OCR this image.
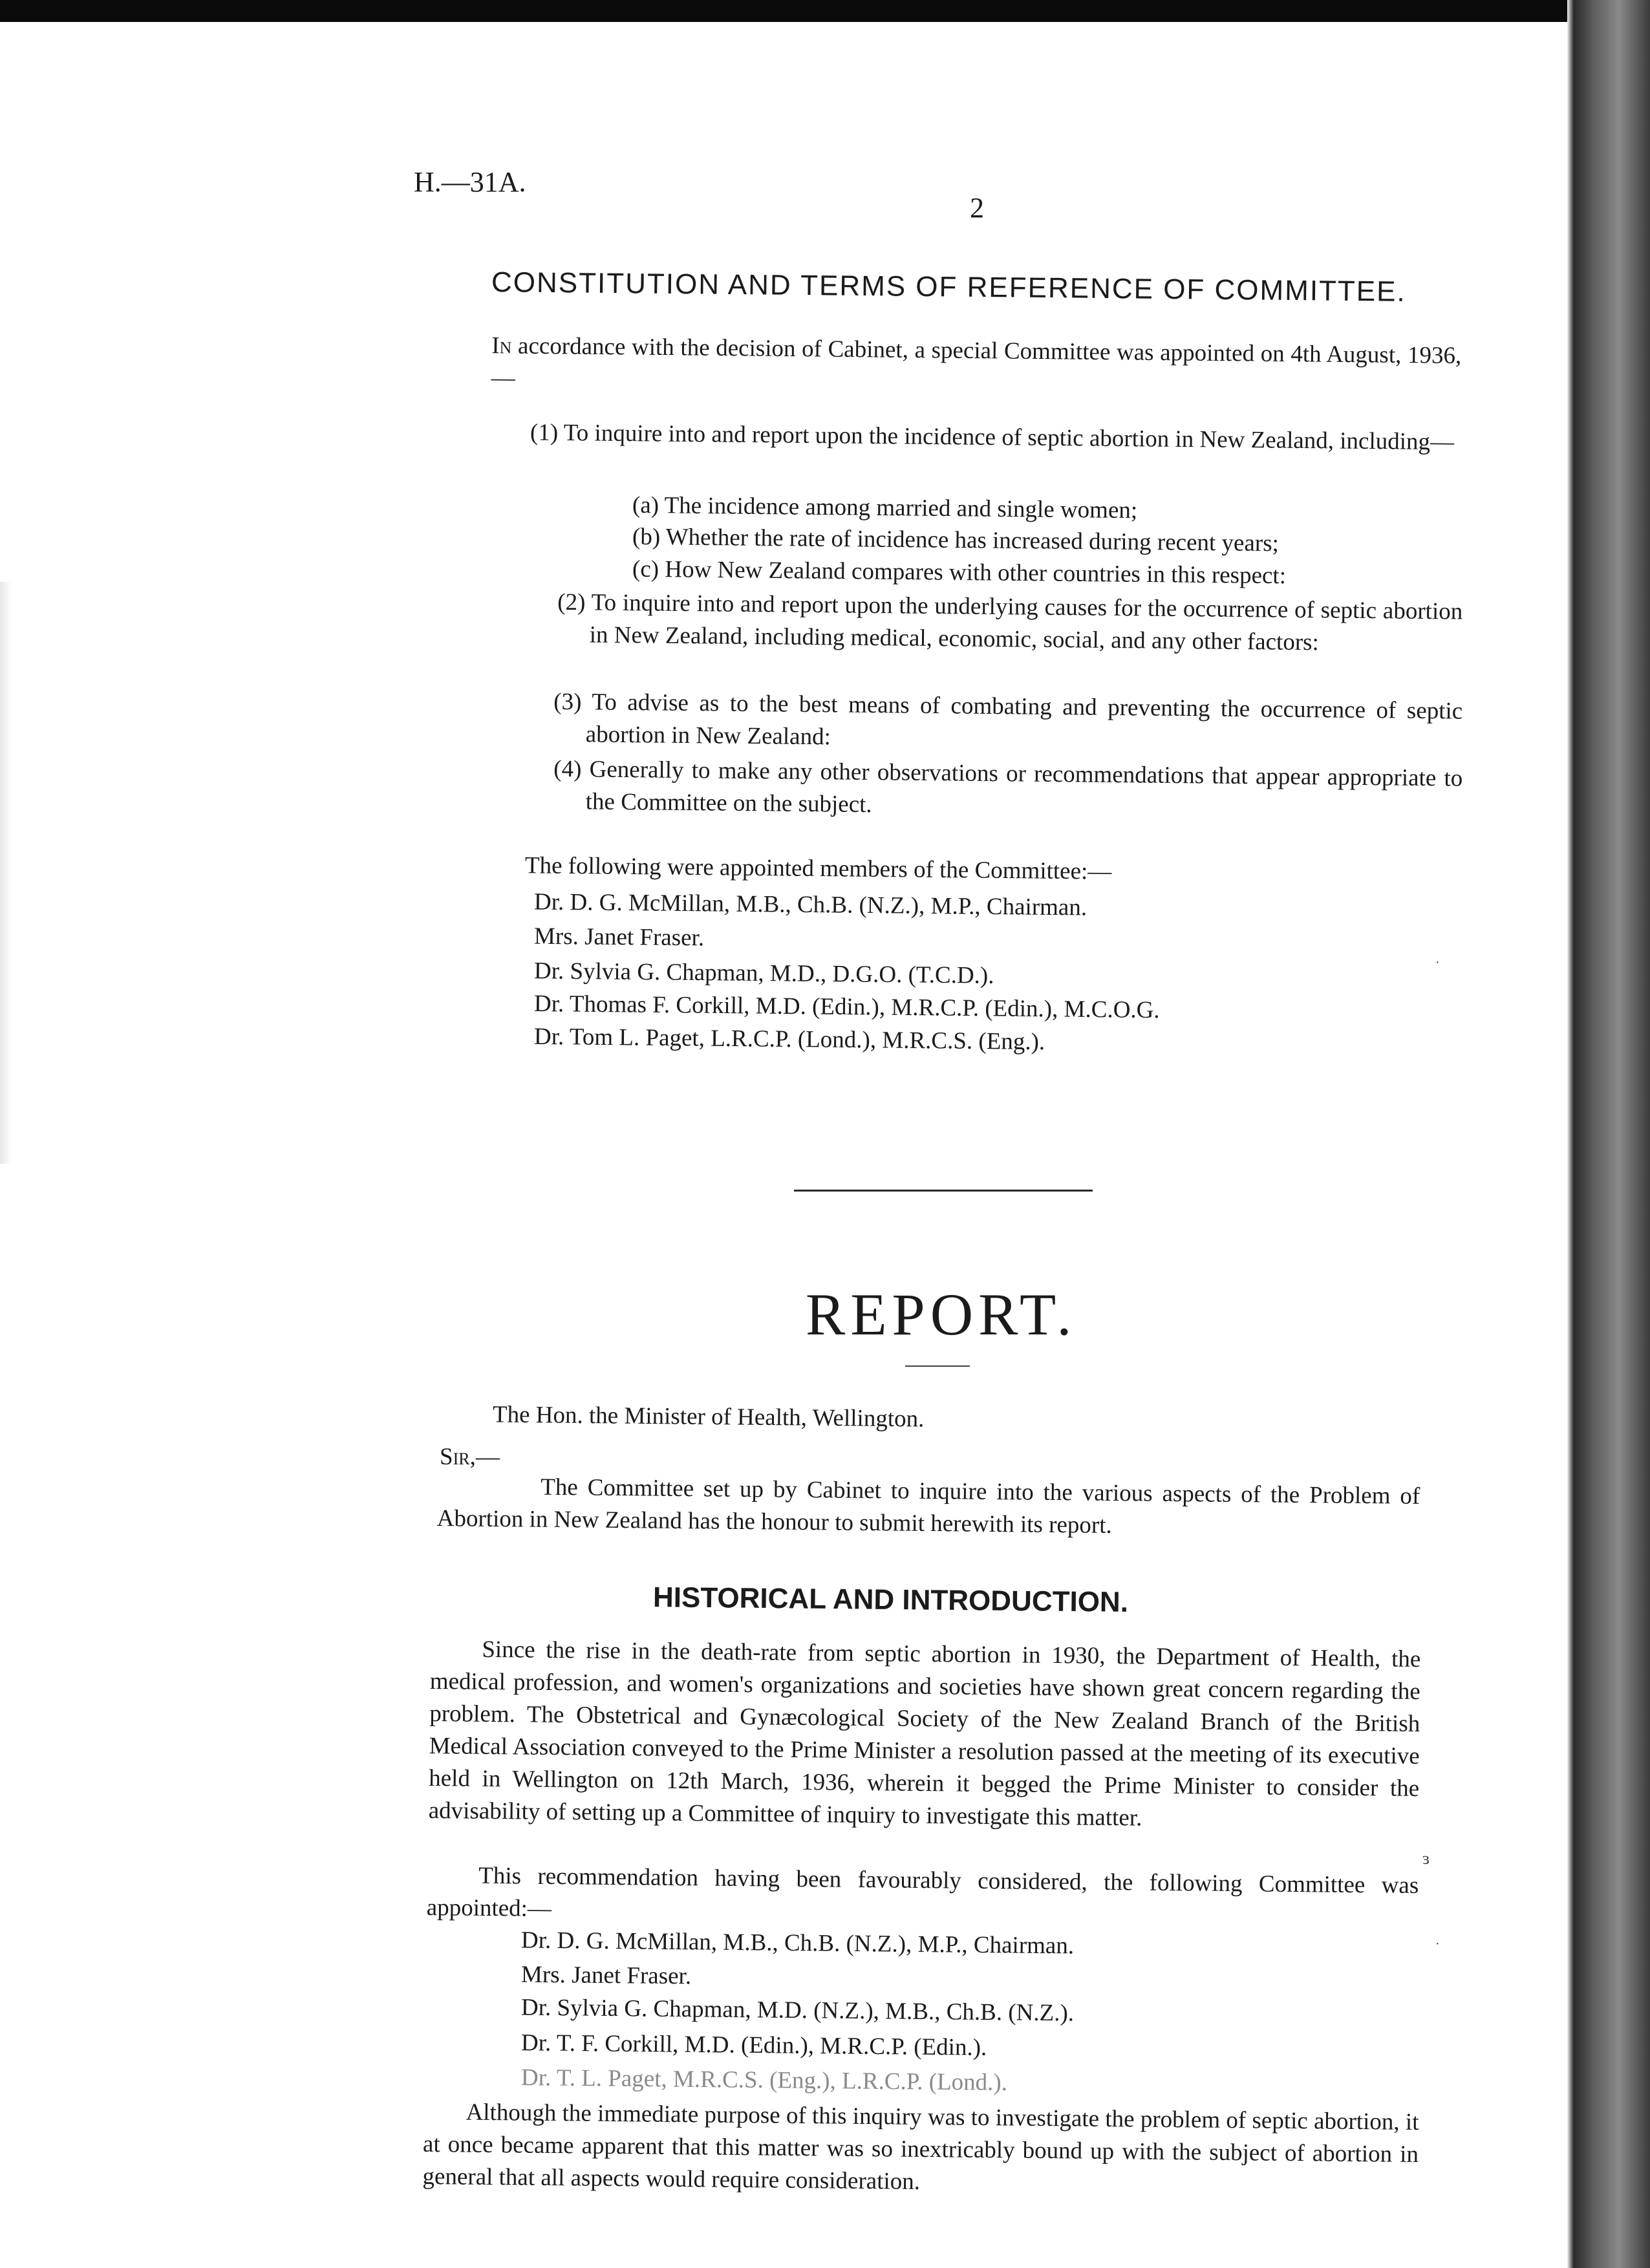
H.—31A.
2
CONSTITUTION AND TERMS OF REFERENCE OF COMMITTEE.
In accordance with the decision of Cabinet, a special Committee was appointed on 4th August, 1936,—
(1) To inquire into and report upon the incidence of septic abortion in New Zealand, including—
(a) The incidence among married and single women;
(b) Whether the rate of incidence has increased during recent years;
(c) How New Zealand compares with other countries in this respect:
(2) To inquire into and report upon the underlying causes for the occurrence of septic abortion in New Zealand, including medical, economic, social, and any other factors:
(3) To advise as to the best means of combating and preventing the occurrence of septic abortion in New Zealand:
(4) Generally to make any other observations or recommendations that appear appropriate to the Committee on the subject.
The following were appointed members of the Committee:—
Dr. D. G. McMillan, M.B., Ch.B. (N.Z.), M.P., Chairman.
Mrs. Janet Fraser.
Dr. Sylvia G. Chapman, M.D., D.G.O. (T.C.D.).
Dr. Thomas F. Corkill, M.D. (Edin.), M.R.C.P. (Edin.), M.C.O.G.
Dr. Tom L. Paget, L.R.C.P. (Lond.), M.R.C.S. (Eng.).
REPORT.
The Hon. the Minister of Health, Wellington.
Sir,—
The Committee set up by Cabinet to inquire into the various aspects of the Problem of Abortion in New Zealand has the honour to submit herewith its report.
HISTORICAL AND INTRODUCTION.
Since the rise in the death-rate from septic abortion in 1930, the Department of Health, the medical profession, and women's organizations and societies have shown great concern regarding the problem. The Obstetrical and Gynæcological Society of the New Zealand Branch of the British Medical Association conveyed to the Prime Minister a resolution passed at the meeting of its executive held in Wellington on 12th March, 1936, wherein it begged the Prime Minister to consider the advisability of setting up a Committee of inquiry to investigate this matter.
This recommendation having been favourably considered, the following Committee was appointed:—
Dr. D. G. McMillan, M.B., Ch.B. (N.Z.), M.P., Chairman.
Mrs. Janet Fraser.
Dr. Sylvia G. Chapman, M.D. (N.Z.), M.B., Ch.B. (N.Z.).
Dr. T. F. Corkill, M.D. (Edin.), M.R.C.P. (Edin.).
Dr. T. L. Paget, M.R.C.S. (Eng.), L.R.C.P. (Lond.).
Although the immediate purpose of this inquiry was to investigate the problem of septic abortion, it at once became apparent that this matter was so inextricably bound up with the subject of abortion in general that all aspects would require consideration.
·
·
ɜ
